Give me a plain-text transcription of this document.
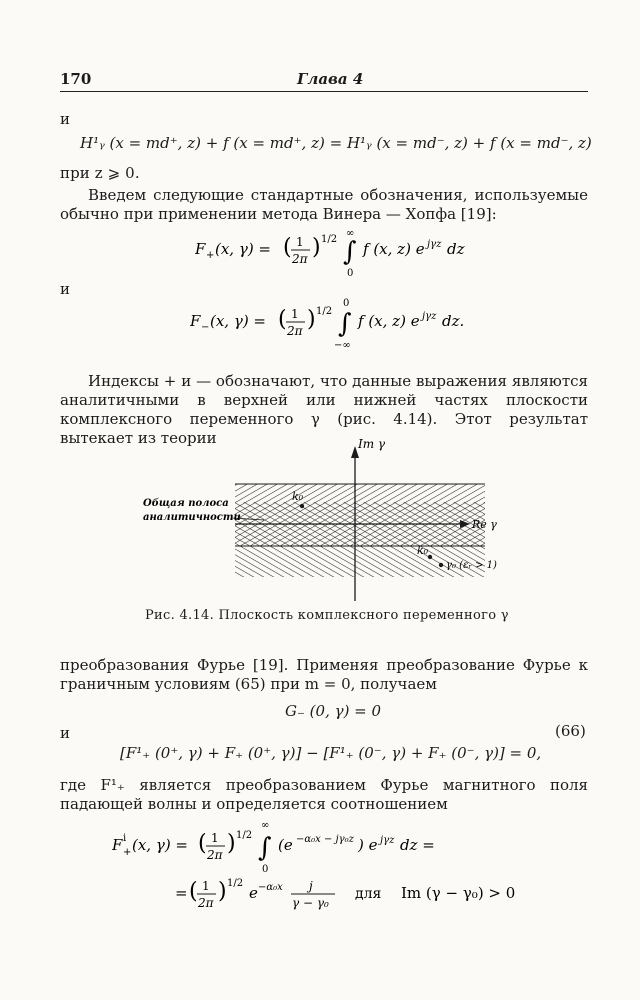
170	Глава 4
и
H¹ᵧ (x = md⁺, z) + f (x = md⁺, z) = H¹ᵧ (x = md⁻, z) + f (x = md⁻, z)
при z ⩾ 0.
Введем следующие стандартные обозначения, используемые обычно при применении метода Винера — Хопфа [19]:
F + (x, γ) = ( 1
2π ) 1/2 ∫
∞
0
f (x, z) e jγz dz
и
F − (x, γ) = ( 1
2π ) 1/2 ∫
0
−∞
f (x, z) e jγz dz.
Индексы + и — обозначают, что данные выражения являются аналитичными в верхней или нижней частях плоскости комплексного переменного γ (рис. 4.14). Этот результат вытекает из теории	Im γ
Re γ
Общая полоса
аналитичности
k₀
k₀
γ₀ (εᵣ > 1)
Рис. 4.14. Плоскость комплексного переменного γ
преобразования Фурье [19]. Применяя преобразование Фурье к граничным условиям (65) при m = 0, получаем
G₋ (0, γ) = 0
и	(66)
[F¹₊ (0⁺, γ) + F₊ (0⁺, γ)] − [F¹₊ (0⁻, γ) + F₊ (0⁻, γ)] = 0,
где F¹₊ является преобразованием Фурье магнитного поля падающей волны и определяется соотношением
F i
+ (x, γ) = ( 1
2π ) 1/2 ∫
∞
0
(e −α₀x − jγ₀z ) e jγz dz =
= ( 1
2π ) 1/2
e −α₀x j
γ − γ₀
для Im (γ − γ₀) > 0
